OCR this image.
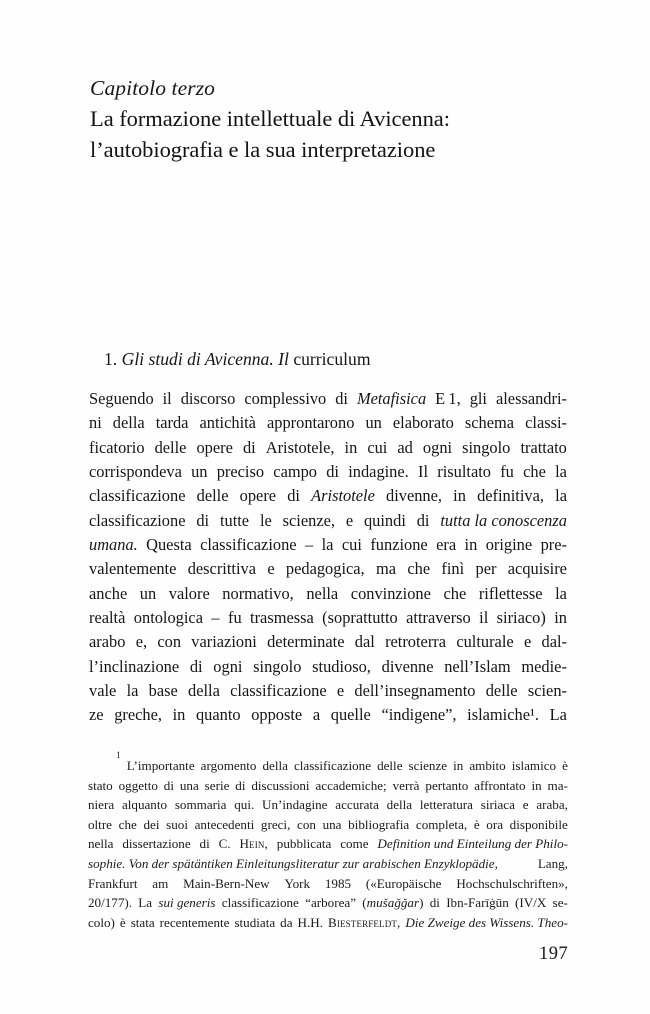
Capitolo terzo
La formazione intellettuale di Avicenna:
l’autobiografia e la sua interpretazione
1. Gli studi di Avicenna. Il curriculum
Seguendo il discorso complessivo di Metafisica E 1, gli alessandri-
ni della tarda antichità approntarono un elaborato schema classi-
ficatorio delle opere di Aristotele, in cui ad ogni singolo trattato
corrispondeva un preciso campo di indagine. Il risultato fu che la
classificazione delle opere di Aristotele divenne, in definitiva, la
classificazione di tutte le scienze, e quindi di tutta la conoscenza
umana. Questa classificazione – la cui funzione era in origine pre-
valentemente descrittiva e pedagogica, ma che finì per acquisire
anche un valore normativo, nella convinzione che riflettesse la
realtà ontologica – fu trasmessa (soprattutto attraverso il siriaco) in
arabo e, con variazioni determinate dal retroterra culturale e dal-
l’inclinazione di ogni singolo studioso, divenne nell’Islam medie-
vale la base della classificazione e dell’insegnamento delle scien-
ze greche, in quanto opposte a quelle “indigene”, islamiche¹. La
1
L’importante argomento della classificazione delle scienze in ambito islamico è
stato oggetto di una serie di discussioni accademiche; verrà pertanto affrontato in ma-
niera alquanto sommaria qui. Un’indagine accurata della letteratura siriaca e araba,
oltre che dei suoi antecedenti greci, con una bibliografia completa, è ora disponibile
nella dissertazione di C. Hein, pubblicata come Definition und Einteilung der Philo-
sophie. Von der spätäntiken Einleitungsliteratur zur arabischen Enzyklopädie,	Lang,
Frankfurt am Main-Bern-New York 1985 («Europäische Hochschulschriften»,
20/177). La sui generis classificazione “arborea” (mušaǧǧar) di Ibn-Farīġūn (IV/X se-
colo) è stata recentemente studiata da H.H. Biesterfeldt, Die Zweige des Wissens. Theo-
197
